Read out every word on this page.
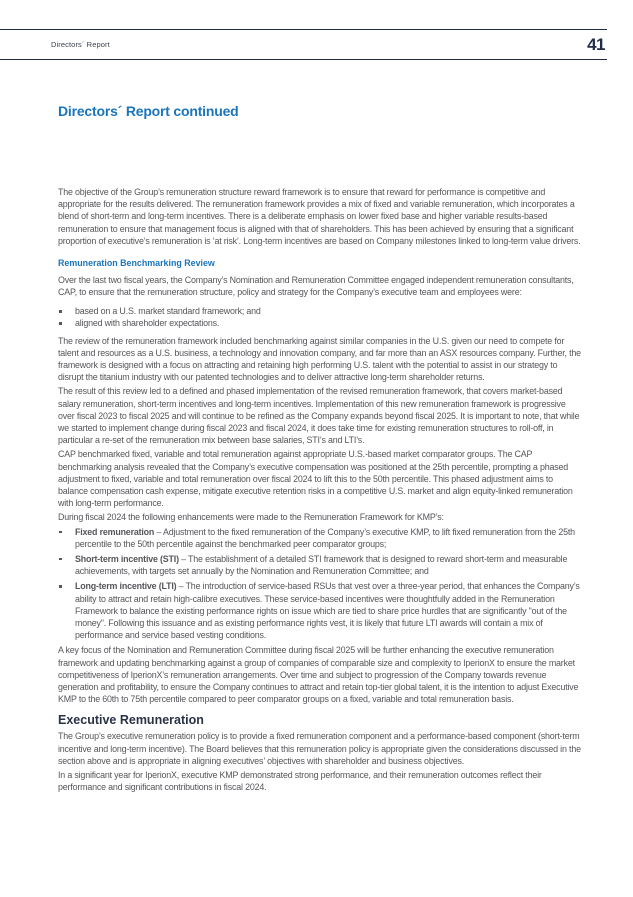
Directors´ Report	41
Directors´ Report continued

The objective of the Group’s remuneration structure reward framework is to ensure that reward for performance is competitive and appropriate for the results delivered. The remuneration framework provides a mix of fixed and variable remuneration, which incorporates a blend of short-term and long-term incentives. There is a deliberate emphasis on lower fixed base and higher variable results-based remuneration to ensure that management focus is aligned with that of shareholders. This has been achieved by ensuring that a significant proportion of executive’s remuneration is ‘at risk’. Long-term incentives are based on Company milestones linked to long-term value drivers.

Remuneration Benchmarking Review

Over the last two fiscal years, the Company’s Nomination and Remuneration Committee engaged independent remuneration consultants, CAP, to ensure that the remuneration structure, policy and strategy for the Company’s executive team and employees were:

based on a U.S. market standard framework; and
aligned with shareholder expectations.

The review of the remuneration framework included benchmarking against similar companies in the U.S. given our need to compete for talent and resources as a U.S. business, a technology and innovation company, and far more than an ASX resources company. Further, the framework is designed with a focus on attracting and retaining high performing U.S. talent with the potential to assist in our strategy to disrupt the titanium industry with our patented technologies and to deliver attractive long-term shareholder returns.

The result of this review led to a defined and phased implementation of the revised remuneration framework, that covers market-based salary remuneration, short-term incentives and long-term incentives. Implementation of this new remuneration framework is progressive over fiscal 2023 to fiscal 2025 and will continue to be refined as the Company expands beyond fiscal 2025. It is important to note, that while we started to implement change during fiscal 2023 and fiscal 2024, it does take time for existing remuneration structures to roll-off, in particular a re-set of the remuneration mix between base salaries, STI’s and LTI’s.

CAP benchmarked fixed, variable and total remuneration against appropriate U.S.-based market comparator groups. The CAP benchmarking analysis revealed that the Company’s executive compensation was positioned at the 25th percentile, prompting a phased adjustment to fixed, variable and total remuneration over fiscal 2024 to lift this to the 50th percentile. This phased adjustment aims to balance compensation cash expense, mitigate executive retention risks in a competitive U.S. market and align equity-linked remuneration with long-term performance.

During fiscal 2024 the following enhancements were made to the Remuneration Framework for KMP’s:

Fixed remuneration – Adjustment to the fixed remuneration of the Company’s executive KMP, to lift fixed remuneration from the 25th percentile to the 50th percentile against the benchmarked peer comparator groups;
Short-term incentive (STI) – The establishment of a detailed STI framework that is designed to reward short-term and measurable achievements, with targets set annually by the Nomination and Remuneration Committee; and
Long-term incentive (LTI) – The introduction of service-based RSUs that vest over a three-year period, that enhances the Company’s ability to attract and retain high-calibre executives. These service-based incentives were thoughtfully added in the Remuneration Framework to balance the existing performance rights on issue which are tied to share price hurdles that are significantly "out of the money". Following this issuance and as existing performance rights vest, it is likely that future LTI awards will contain a mix of performance and service based vesting conditions.

A key focus of the Nomination and Remuneration Committee during fiscal 2025 will be further enhancing the executive remuneration framework and updating benchmarking against a group of companies of comparable size and complexity to IperionX to ensure the market competitiveness of IperionX’s remuneration arrangements. Over time and subject to progression of the Company towards revenue generation and profitability, to ensure the Company continues to attract and retain top-tier global talent, it is the intention to adjust Executive KMP to the 60th to 75th percentile compared to peer comparator groups on a fixed, variable and total remuneration basis.

Executive Remuneration

The Group’s executive remuneration policy is to provide a fixed remuneration component and a performance-based component (short-term incentive and long-term incentive). The Board believes that this remuneration policy is appropriate given the considerations discussed in the section above and is appropriate in aligning executives’ objectives with shareholder and business objectives.

In a significant year for IperionX, executive KMP demonstrated strong performance, and their remuneration outcomes reflect their performance and significant contributions in fiscal 2024.
